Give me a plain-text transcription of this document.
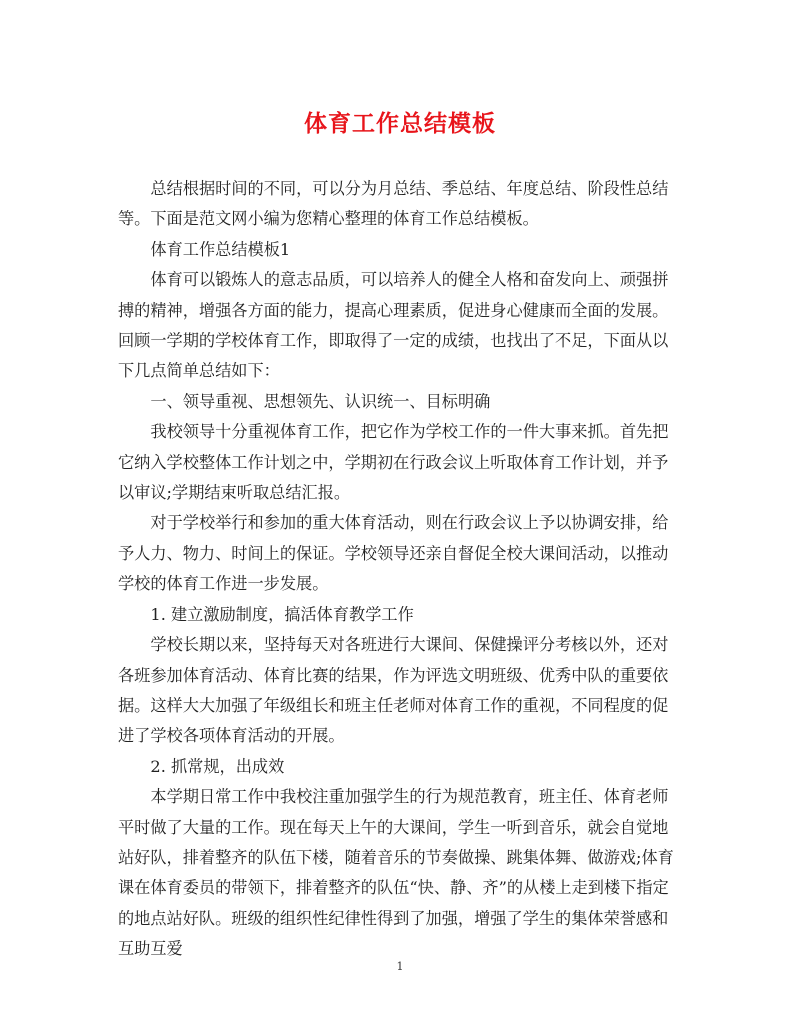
体育工作总结模板

总结根据时间的不同，可以分为月总结、季总结、年度总结、阶段性总结等。下面是范文网小编为您精心整理的体育工作总结模板。

体育工作总结模板1

体育可以锻炼人的意志品质，可以培养人的健全人格和奋发向上、顽强拼搏的精神，增强各方面的能力，提高心理素质，促进身心健康而全面的发展。回顾一学期的学校体育工作，即取得了一定的成绩，也找出了不足，下面从以下几点简单总结如下：

一、领导重视、思想领先、认识统一、目标明确

我校领导十分重视体育工作，把它作为学校工作的一件大事来抓。首先把它纳入学校整体工作计划之中，学期初在行政会议上听取体育工作计划，并予以审议;学期结束听取总结汇报。

对于学校举行和参加的重大体育活动，则在行政会议上予以协调安排，给予人力、物力、时间上的保证。学校领导还亲自督促全校大课间活动，以推动学校的体育工作进一步发展。

1. 建立激励制度，搞活体育教学工作

学校长期以来，坚持每天对各班进行大课间、保健操评分考核以外，还对各班参加体育活动、体育比赛的结果，作为评选文明班级、优秀中队的重要依据。这样大大加强了年级组长和班主任老师对体育工作的重视，不同程度的促进了学校各项体育活动的开展。

2. 抓常规，出成效

本学期日常工作中我校注重加强学生的行为规范教育，班主任、体育老师平时做了大量的工作。现在每天上午的大课间，学生一听到音乐，就会自觉地站好队，排着整齐的队伍下楼，随着音乐的节奏做操、跳集体舞、做游戏;体育课在体育委员的带领下，排着整齐的队伍“快、静、齐”的从楼上走到楼下指定的地点站好队。班级的组织性纪律性得到了加强，增强了学生的集体荣誉感和互助互爱

1
